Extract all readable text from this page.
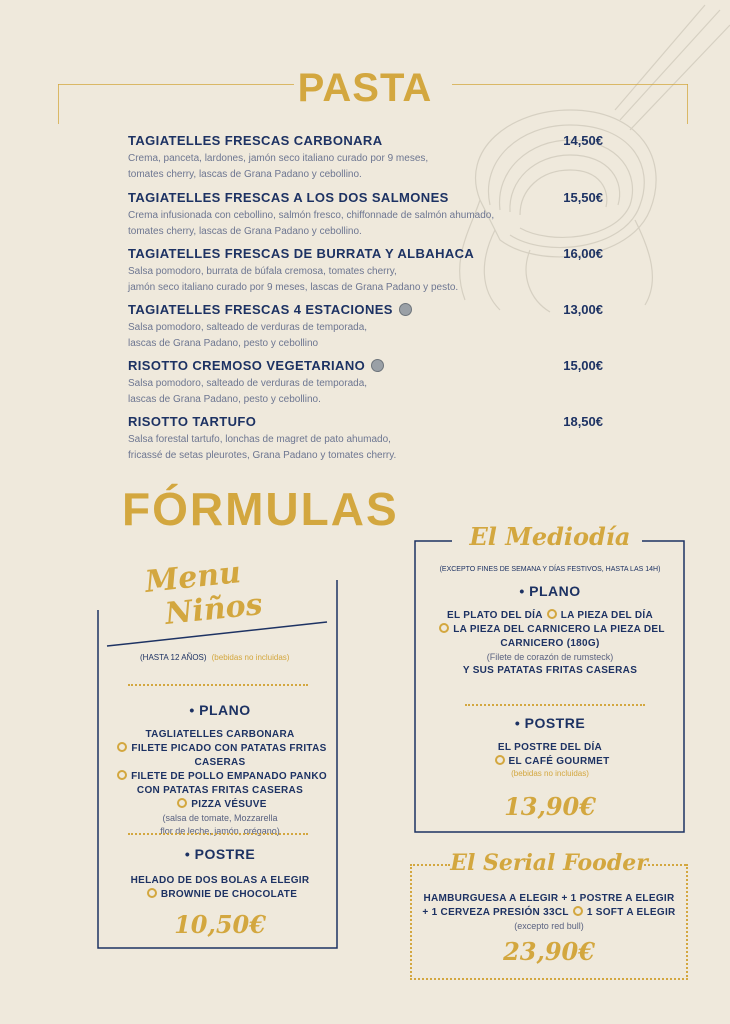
PASTA
TAGIATELLES FRESCAS CARBONARA	14,50€
Crema, panceta, lardones, jamón seco italiano curado por 9 meses,
tomates cherry, lascas de Grana Padano y cebollino.
TAGIATELLES FRESCAS A LOS DOS SALMONES	15,50€
Crema infusionada con cebollino, salmón fresco, chiffonnade de salmón ahumado,
tomates cherry, lascas de Grana Padano y cebollino.
TAGIATELLES FRESCAS DE BURRATA Y ALBAHACA	16,00€
Salsa pomodoro, burrata de búfala cremosa, tomates cherry,
jamón seco italiano curado por 9 meses, lascas de Grana Padano y pesto.
TAGIATELLES FRESCAS 4 ESTACIONES	13,00€
Salsa pomodoro, salteado de verduras de temporada,
lascas de Grana Padano, pesto y cebollino
RISOTTO CREMOSO VEGETARIANO	15,00€
Salsa pomodoro, salteado de verduras de temporada,
lascas de Grana Padano, pesto y cebollino.
RISOTTO TARTUFO	18,50€
Salsa forestal tartufo, lonchas de magret de pato ahumado,
fricassé de setas pleurotes, Grana Padano y tomates cherry.
FÓRMULAS
Menu
Niños
(HASTA 12 AÑOS) (bebidas no incluidas)
• PLANO
TAGLIATELLES CARBONARA
FILETE PICADO CON PATATAS FRITAS CASERAS
FILETE DE POLLO EMPANADO PANKO
CON PATATAS FRITAS CASERAS
PIZZA VÉSUVE
(salsa de tomate, Mozzarella
flor de leche, jamón, orégano)
• POSTRE
HELADO DE DOS BOLAS A ELEGIR
BROWNIE DE CHOCOLATE
10,50€
El Mediodía
(EXCEPTO FINES DE SEMANA Y DÍAS FESTIVOS, HASTA LAS 14H)
• PLANO
EL PLATO DEL DÍA LA PIEZA DEL DÍA
LA PIEZA DEL CARNICERO LA PIEZA DEL
CARNICERO (180G)
(Filete de corazón de rumsteck)
Y SUS PATATAS FRITAS CASERAS
• POSTRE
EL POSTRE DEL DÍA
EL CAFÉ GOURMET
(bebidas no incluidas)
13,90€
El Serial Fooder
HAMBURGUESA A ELEGIR + 1 POSTRE A ELEGIR
+ 1 CERVEZA PRESIÓN 33CL 1 SOFT A ELEGIR
(excepto red bull)
23,90€
